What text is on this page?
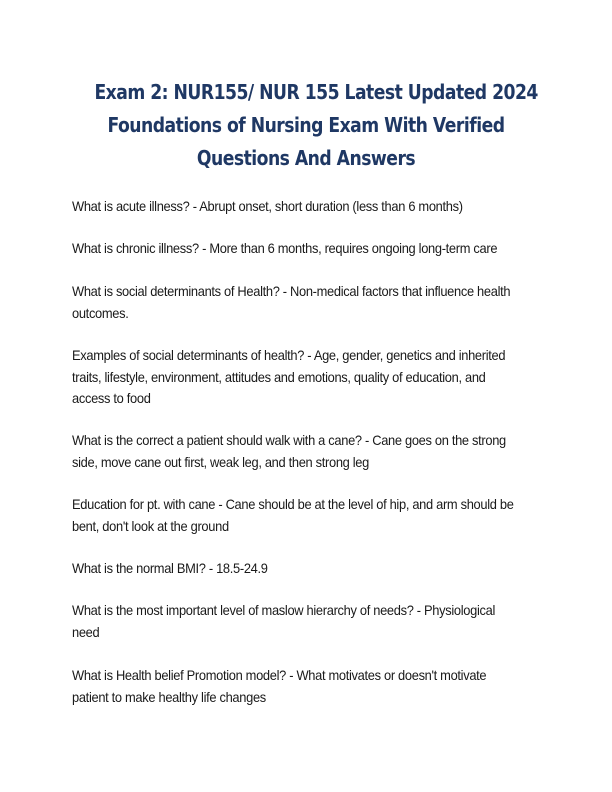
Exam 2: NUR155/ NUR 155 Latest Updated 2024
Foundations of Nursing Exam With Verified
Questions And Answers

What is acute illness? - Abrupt onset, short duration (less than 6 months)

What is chronic illness? - More than 6 months, requires ongoing long-term care

What is social determinants of Health? - Non-medical factors that influence health
outcomes.

Examples of social determinants of health? - Age, gender, genetics and inherited
traits, lifestyle, environment, attitudes and emotions, quality of education, and
access to food

What is the correct a patient should walk with a cane? - Cane goes on the strong
side, move cane out first, weak leg, and then strong leg

Education for pt. with cane - Cane should be at the level of hip, and arm should be
bent, don't look at the ground

What is the normal BMI? - 18.5-24.9

What is the most important level of maslow hierarchy of needs? - Physiological
need

What is Health belief Promotion model? - What motivates or doesn't motivate
patient to make healthy life changes
